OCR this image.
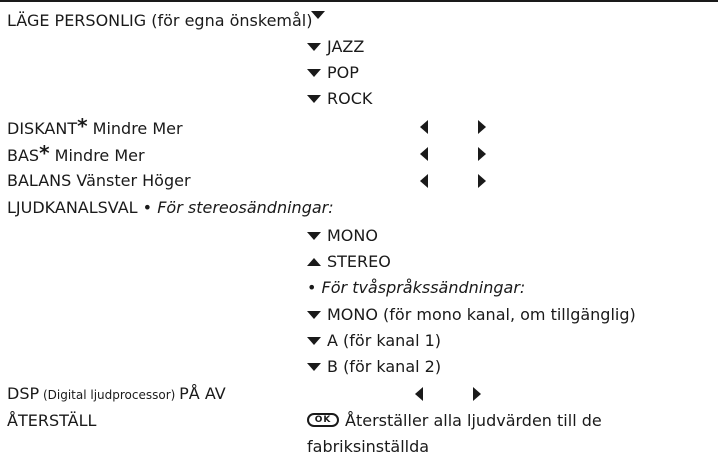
LÄGE PERSONLIG (för egna önskemål)
JAZZ
POP
ROCK
DISKANT* Mindre Mer
BAS* Mindre Mer
BALANS Vänster Höger
LJUDKANALSVAL • För stereosändningar:
MONO
STEREO
• För tvåspråkssändningar:
MONO (för mono kanal, om tillgänglig)
A (för kanal 1)
B (för kanal 2)
DSP (Digital ljudprocessor) PÅ AV
ÅTERSTÄLL	OK Återställer alla ljudvärden till de
fabriksinställda
